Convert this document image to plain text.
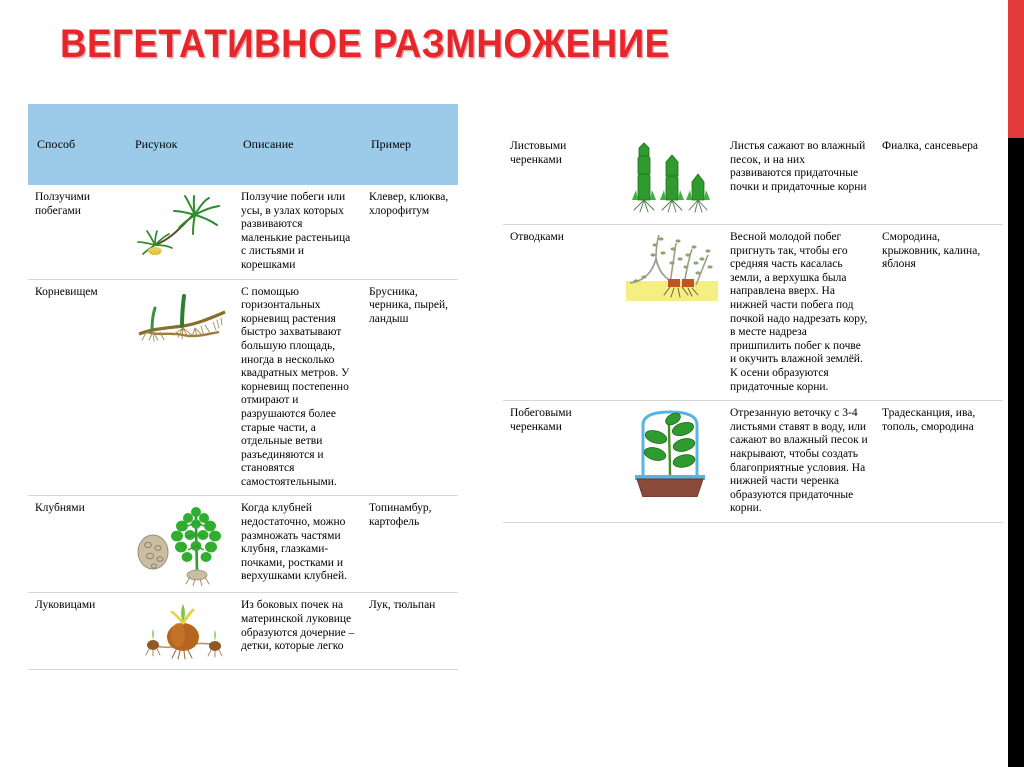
ВЕГЕТАТИВНОЕ РАЗМНОЖЕНИЕ
Способ	Рисунок	Описание	Пример
Ползучими побегами		Ползучие побеги или усы, в узлах которых развиваются маленькие растеньица с листьями и корешками	Клевер, клюква, хлорофитум
Корневищем		С помощью горизонтальных корневищ растения быстро захватывают большую площадь, иногда в несколько квадратных метров. У корневищ постепенно отмирают и разрушаются более старые части, а отдельные ветви разъединяются и становятся самостоятельными.	Брусника, черника, пырей, ландыш
Клубнями		Когда клубней недостаточно, можно размножать частями клубня, глазками-почками, ростками и верхушками клубней.	Топинамбур, картофель
Луковицами		Из боковых почек на материнской луковице образуются дочерние – детки, которые легко	Лук, тюльпан
Листовыми черенками		Листья сажают во влажный песок, и на них развиваются придаточные почки и придаточные корни	Фиалка, сансевьера
Отводками		Весной молодой побег пригнуть так, чтобы его средняя часть касалась земли, а верхушка была направлена вверх. На нижней части побега под почкой надо надрезать кору, в месте надреза пришпилить побег к почве и окучить влажной землёй. К осени образуются придаточные корни.	Смородина, крыжовник, калина, яблоня
Побеговыми черенками		Отрезанную веточку с 3-4 листьями ставят в воду, или сажают во влажный песок и накрывают, чтобы создать благоприятные условия. На нижней части черенка образуются придаточные корни.	Традесканция, ива, тополь, смородина
